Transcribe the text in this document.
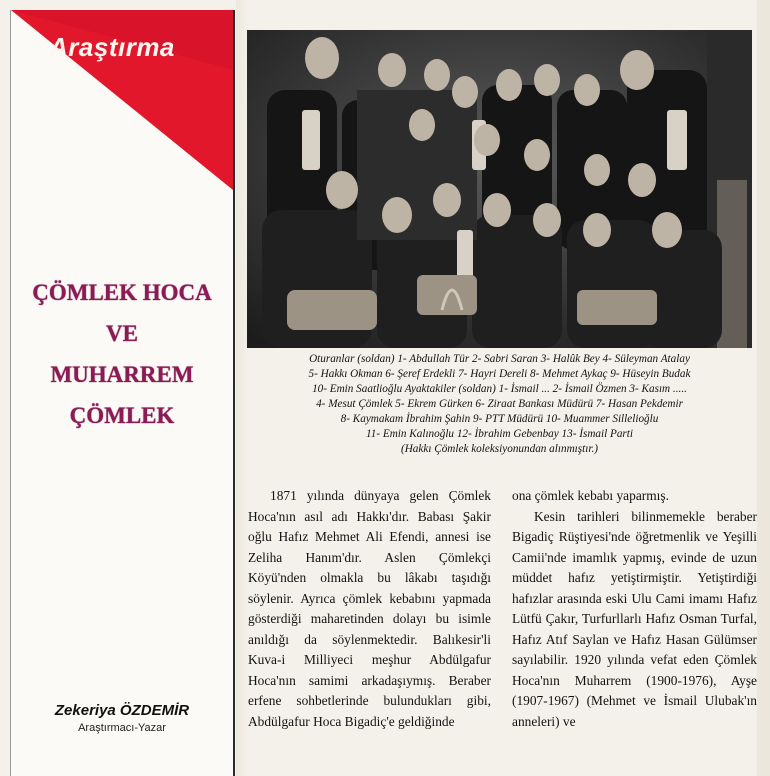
Araştırma
ÇÖMLEK HOCA
VE
MUHARREM
ÇÖMLEK
Zekeriya ÖZDEMİR
Araştırmacı-Yazar
Oturanlar (soldan) 1- Abdullah Tür 2- Sabri Saran 3- Halûk Bey 4- Süleyman Atalay
5- Hakkı Okman 6- Şeref Erdekli 7- Hayri Dereli 8- Mehmet Aykaç 9- Hüseyin Budak
10- Emin Saatlioğlu Ayaktakiler (soldan) 1- İsmail ... 2- İsmail Özmen 3- Kasım .....
4- Mesut Çömlek 5- Ekrem Gürken 6- Ziraat Bankası Müdürü 7- Hasan Pekdemir
8- Kaymakam İbrahim Şahin 9- PTT Müdürü 10- Muammer Sillelioğlu
11- Emin Kalınoğlu 12- İbrahim Gebenbay 13- İsmail Parti
(Hakkı Çömlek koleksiyonundan alınmıştır.)

1871 yılında dünyaya gelen Çömlek Hoca'nın asıl adı Hakkı'dır. Babası Şakir oğlu Hafız Mehmet Ali Efendi, annesi ise Zeliha Hanım'dır. Aslen Çömlekçi Köyü'nden olmakla bu lâkabı taşıdığı söylenir. Ayrıca çömlek kebabını yapmada gösterdiği maharetinden dolayı bu isimle anıldığı da söylenmektedir. Balıkesir'li Kuva-i Milliyeci meşhur Abdülgafur Hoca'nın samimi arkadaşıymış. Beraber erfene sohbetlerinde bulundukları gibi, Abdülgafur Hoca Bigadiç'e geldiğinde

ona çömlek kebabı yaparmış.

Kesin tarihleri bilinmemekle beraber Bigadiç Rüştiyesi'nde öğretmenlik ve Yeşilli Camii'nde imamlık yapmış, evinde de uzun müddet hafız yetiştirmiştir. Yetiştirdiği hafızlar arasında eski Ulu Cami imamı Hafız Lütfü Çakır, Turfurllarlı Hafız Osman Turfal, Hafız Atıf Saylan ve Hafız Hasan Gülümser sayılabilir. 1920 yılında vefat eden Çömlek Hoca'nın Muharrem (1900-1976), Ayşe (1907-1967) (Mehmet ve İsmail Ulubak'ın anneleri) ve
